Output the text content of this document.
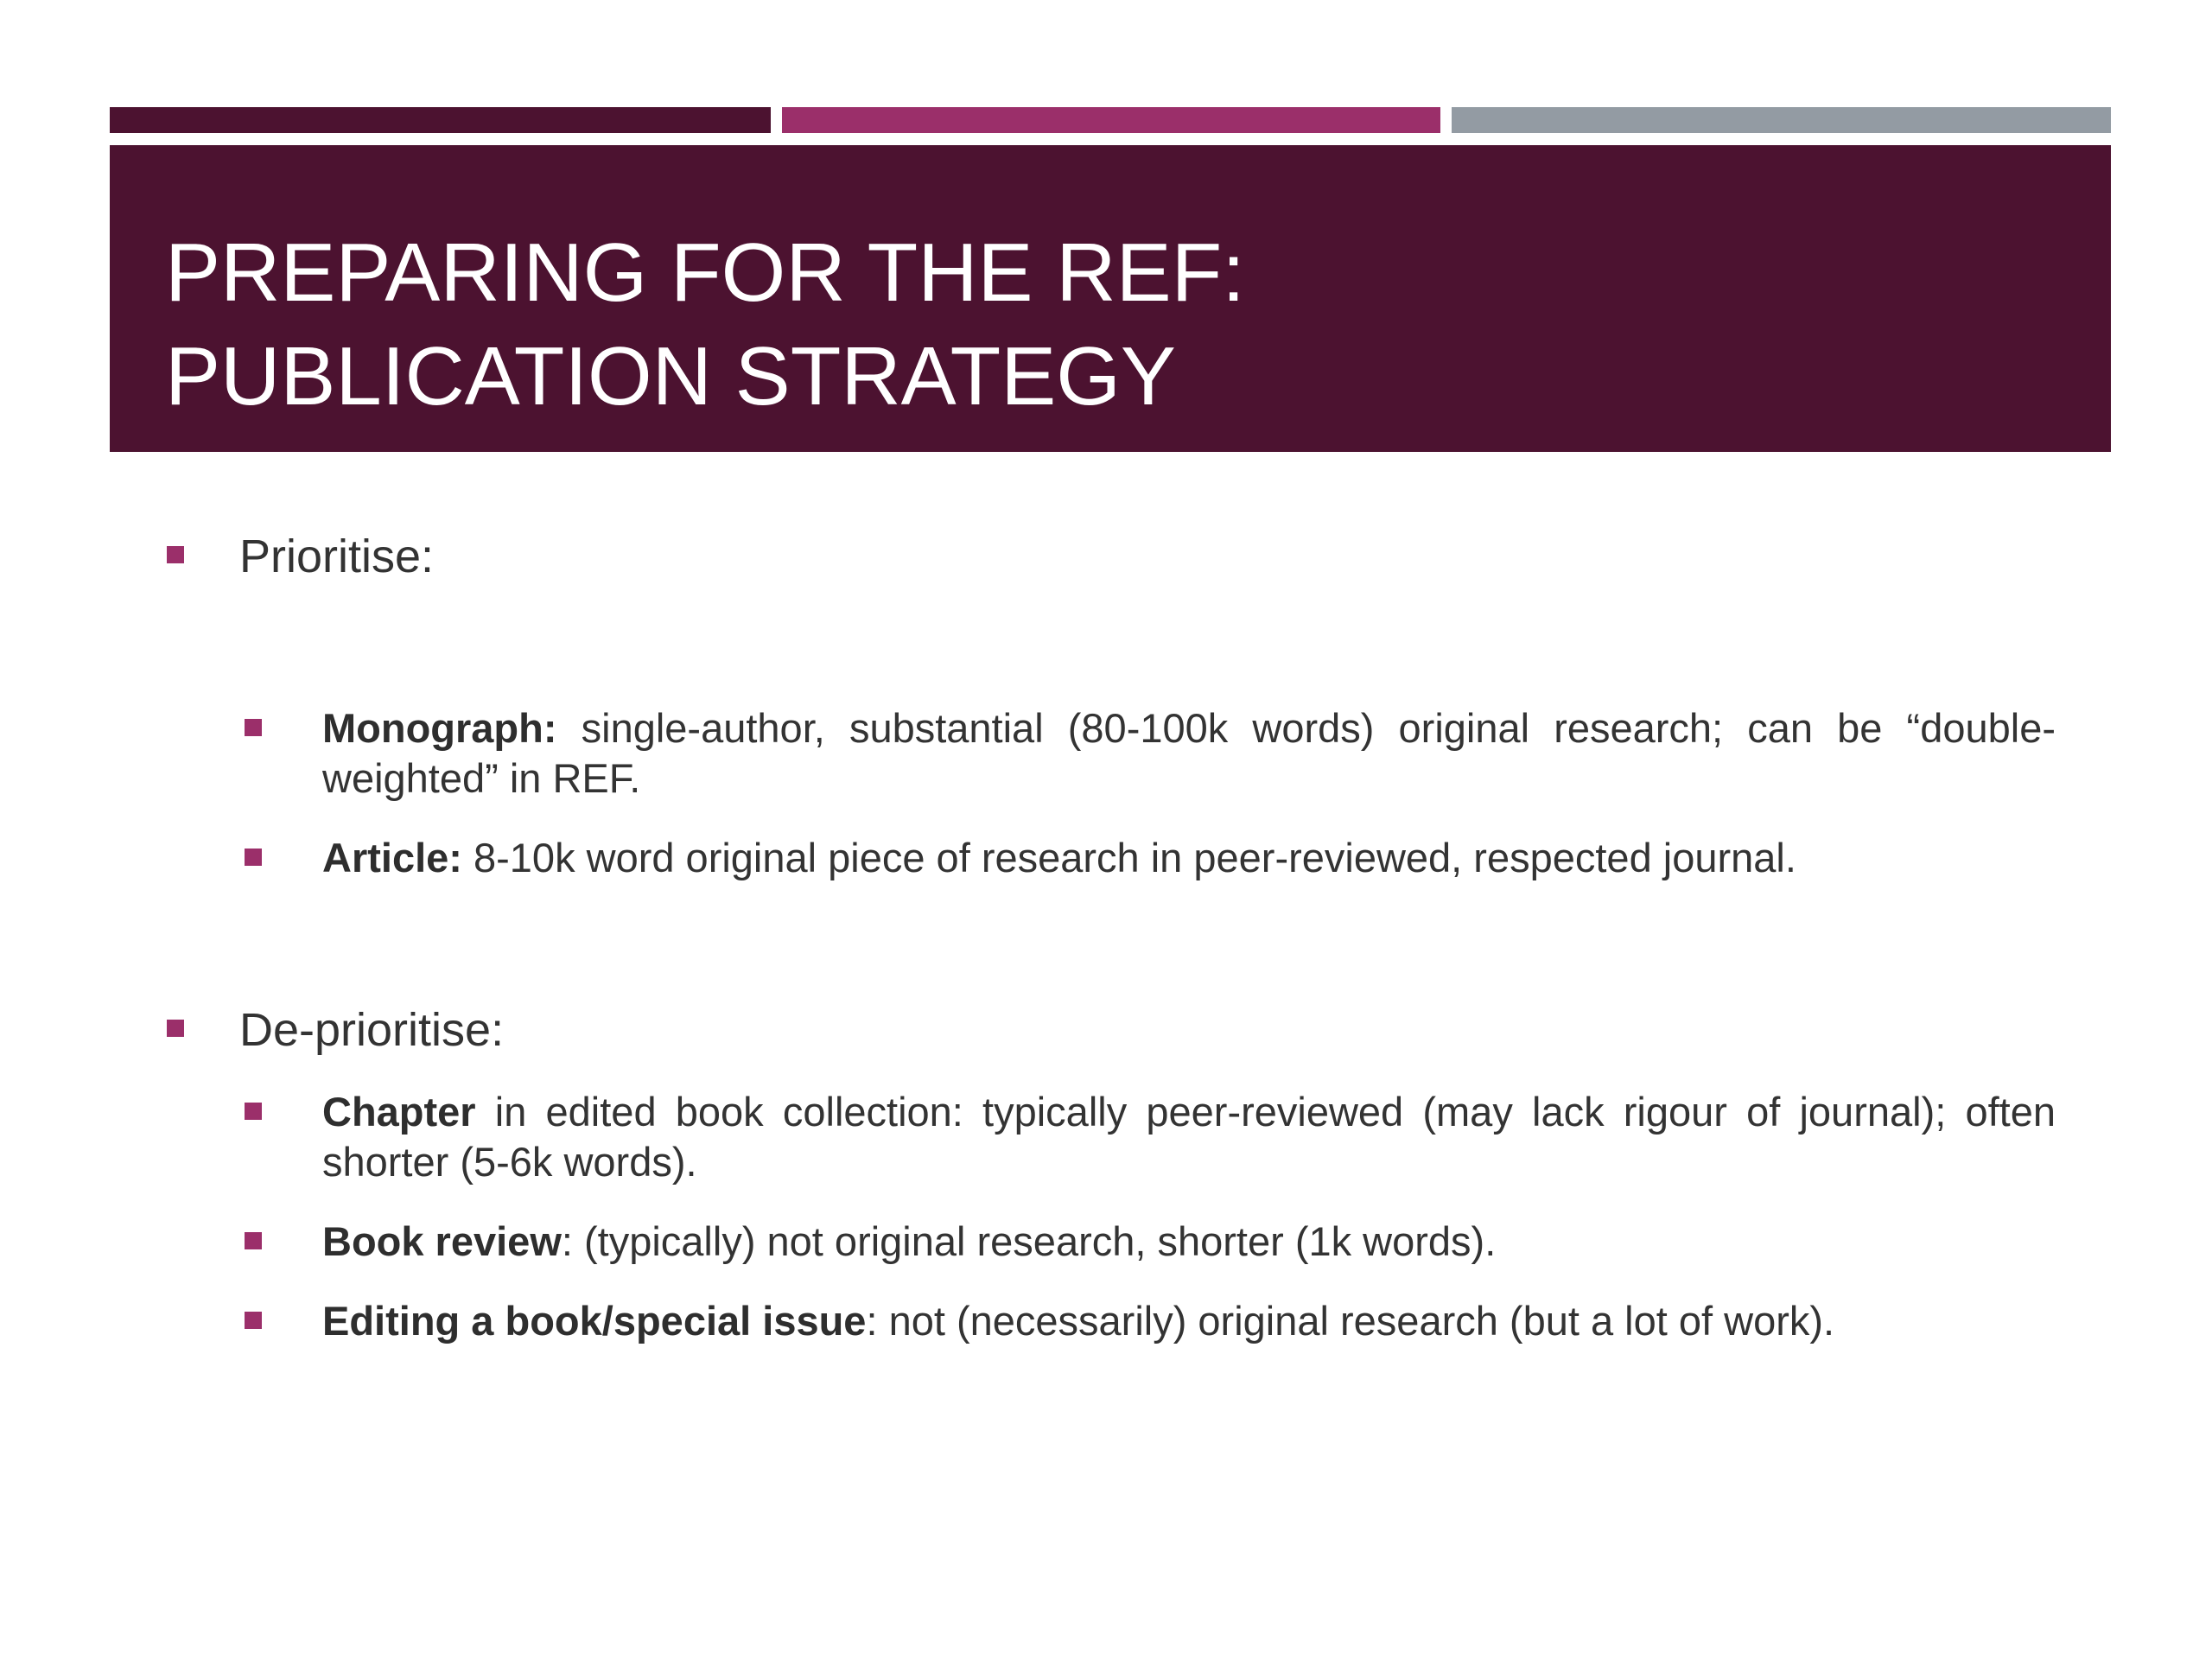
PREPARING FOR THE REF:
PUBLICATION STRATEGY
Prioritise:
Monograph: single-author, substantial (80-100k words) original research; can be “double-weighted” in REF.
Article: 8-10k word original piece of research in peer-reviewed, respected journal.
De-prioritise:
Chapter in edited book collection: typically peer-reviewed (may lack rigour of journal); often shorter (5-6k words).
Book review: (typically) not original research, shorter (1k words).
Editing a book/special issue: not (necessarily) original research (but a lot of work).
